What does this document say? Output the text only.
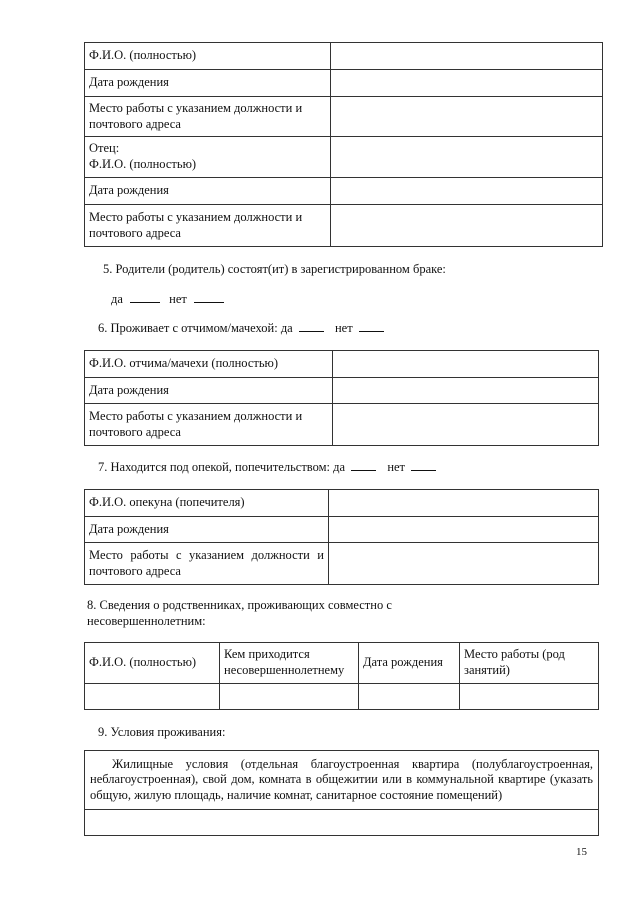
Ф.И.О. (полностью)	
Дата рождения	
Место работы с указанием должности и почтового адреса	

Отец:
Ф.И.О. (полностью)	

Дата рождения	
Место работы с указанием должности и почтового адреса	
5. Родители (родитель) состоят(ит) в зарегистрированном браке:
да	нет
6. Проживает с отчимом/мачехой: да	нет
Ф.И.О. отчима/мачехи (полностью)	
Дата рождения	
Место работы с указанием должности и почтового адреса	
7. Находится под опекой, попечительством: да	нет
Ф.И.О. опекуна (попечителя)	
Дата рождения	
Место работы с указанием должности и почтового адреса	
8. Сведения о родственниках, проживающих совместно с
несовершеннолетним:
Ф.И.О. (полностью)	Кем приходится несовершеннолетнему	Дата рождения	Место работы (род занятий)

9. Условия проживания:
Жилищные условия (отдельная благоустроенная квартира (полублагоустроенная, неблагоустроенная), свой дом, комната в общежитии или в коммунальной квартире (указать общую, жилую площадь, наличие комнат, санитарное состояние помещений)

15
